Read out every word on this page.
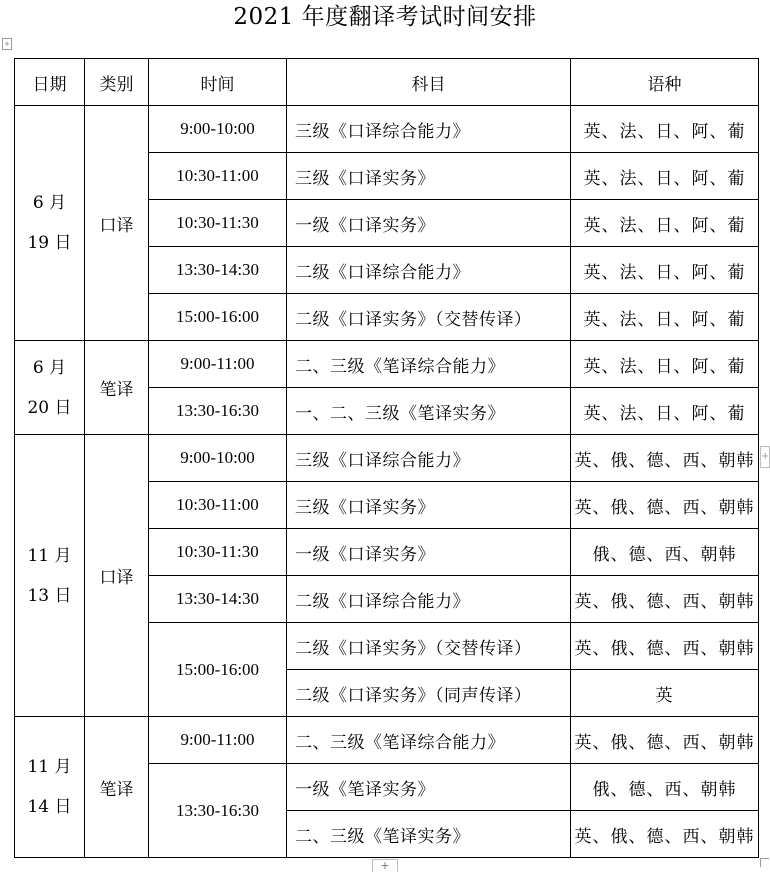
2021 年度翻译考试时间安排
+
日期	类别	时间	科目	语种

6 月
19 日	口译	9:00-10:00	三级《口译综合能力》	英、法、日、阿、葡
		10:30-11:00	三级《口译实务》	英、法、日、阿、葡
		10:30-11:30	一级《口译实务》	英、法、日、阿、葡
		13:30-14:30	二级《口译综合能力》	英、法、日、阿、葡
		15:00-16:00	二级《口译实务》（交替传译）	英、法、日、阿、葡

6 月
20 日	笔译	9:00-11:00	二、三级《笔译综合能力》	英、法、日、阿、葡
		13:30-16:30	一、二、三级《笔译实务》	英、法、日、阿、葡

11 月
13 日	口译	9:00-10:00	三级《口译综合能力》	英、俄、德、西、朝韩
		10:30-11:00	三级《口译实务》	英、俄、德、西、朝韩
		10:30-11:30	一级《口译实务》	俄、德、西、朝韩
		13:30-14:30	二级《口译综合能力》	英、俄、德、西、朝韩
		15:00-16:00	二级《口译实务》（交替传译）	英、俄、德、西、朝韩
			二级《口译实务》（同声传译）	英

11 月
14 日	笔译	9:00-11:00	二、三级《笔译综合能力》	英、俄、德、西、朝韩
		13:30-16:30	一级《笔译实务》	俄、德、西、朝韩
			二、三级《笔译实务》	英、俄、德、西、朝韩
+
+
